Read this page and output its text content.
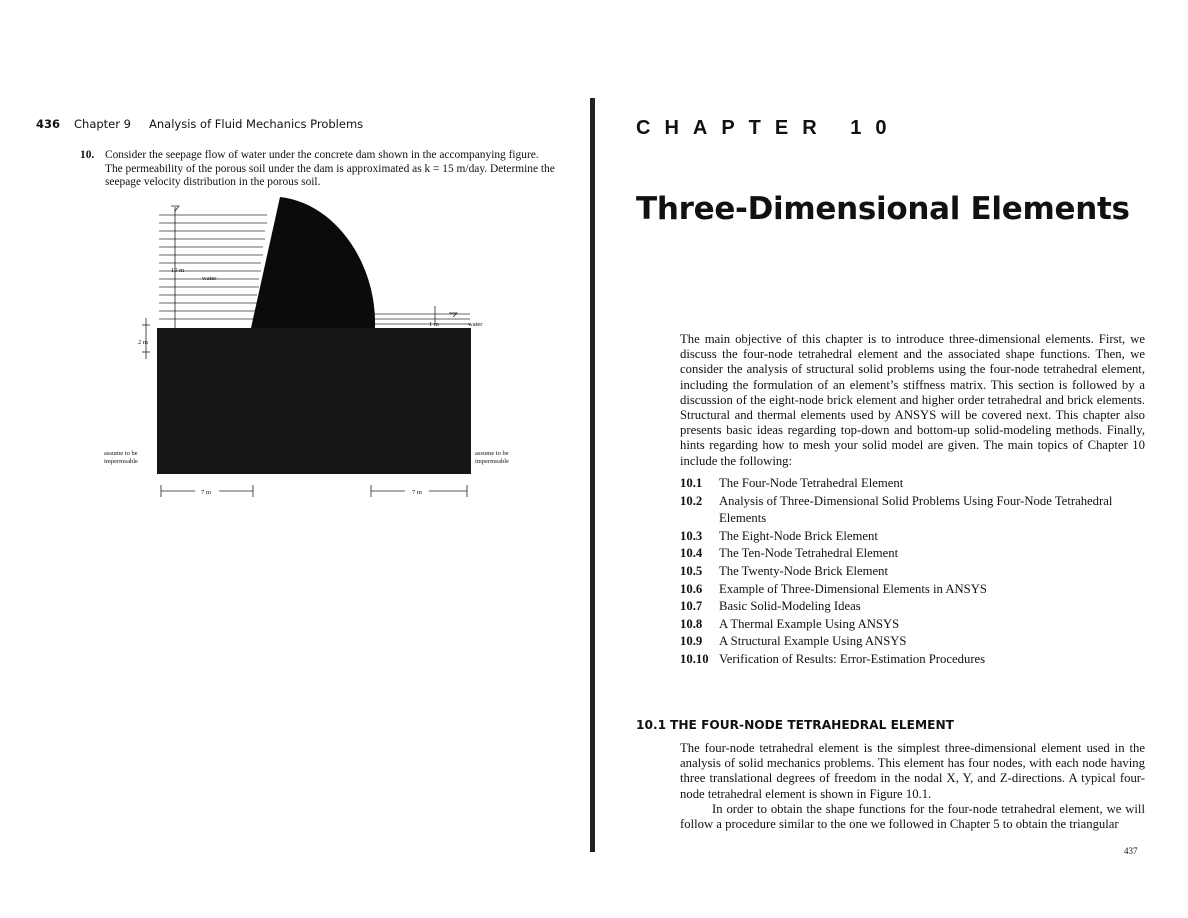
436 Chapter 9 Analysis of Fluid Mechanics Problems
10. Consider the seepage flow of water under the concrete dam shown in the accompanying figure. The permeability of the porous soil under the dam is approximated as k = 15 m/day. Determine the seepage velocity distribution in the porous soil.
10 m
water
1 m	water
2 m
assume to be
impermeable
assume to be
impermeable
7 m	7 m
CHAPTER 10
Three-Dimensional Elements
The main objective of this chapter is to introduce three-dimensional elements. First, we discuss the four-node tetrahedral element and the associated shape functions. Then, we consider the analysis of structural solid problems using the four-node tetrahedral element, including the formulation of an element’s stiffness matrix. This section is followed by a discussion of the eight-node brick element and higher order tetrahedral and brick elements. Structural and thermal elements used by ANSYS will be covered next. This chapter also presents basic ideas regarding top-down and bottom-up solid-modeling methods. Finally, hints regarding how to mesh your solid model are given. The main topics of Chapter 10 include the following:
10.1	The Four-Node Tetrahedral Element
10.2	Analysis of Three-Dimensional Solid Problems Using Four-Node Tetrahedral Elements
10.3	The Eight-Node Brick Element
10.4	The Ten-Node Tetrahedral Element
10.5	The Twenty-Node Brick Element
10.6	Example of Three-Dimensional Elements in ANSYS
10.7	Basic Solid-Modeling Ideas
10.8	A Thermal Example Using ANSYS
10.9	A Structural Example Using ANSYS
10.10 Verification of Results: Error-Estimation Procedures
10.1 THE FOUR-NODE TETRAHEDRAL ELEMENT

The four-node tetrahedral element is the simplest three-dimensional element used in the analysis of solid mechanics problems. This element has four nodes, with each node having three translational degrees of freedom in the nodal X, Y, and Z-directions. A typical four-node tetrahedral element is shown in Figure 10.1.

In order to obtain the shape functions for the four-node tetrahedral element, we will follow a procedure similar to the one we followed in Chapter 5 to obtain the triangular

437
